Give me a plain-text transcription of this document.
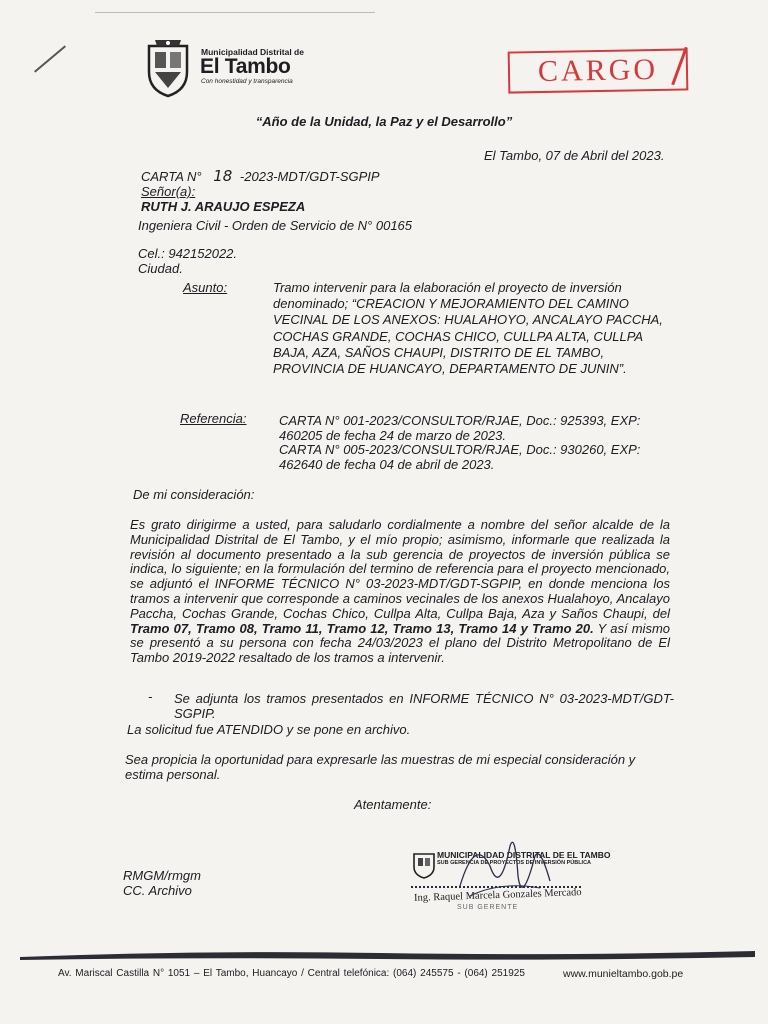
Municipalidad Distrital de
El Tambo
Con honestidad y transparencia	CARGO
“Año de la Unidad, la Paz y el Desarrollo”
El Tambo, 07 de Abril del 2023.
CARTA N° 18 -2023-MDT/GDT-SGPIP
Señor(a):
RUTH J. ARAUJO ESPEZA
Ingeniera Civil - Orden de Servicio de N° 00165
Cel.: 942152022.
Ciudad.
Asunto:	Tramo intervenir para la elaboración el proyecto de inversión denominado; “CREACION Y MEJORAMIENTO DEL CAMINO VECINAL DE LOS ANEXOS: HUALAHOYO, ANCALAYO PACCHA, COCHAS GRANDE, COCHAS CHICO, CULLPA ALTA, CULLPA BAJA, AZA, SAÑOS CHAUPI, DISTRITO DE EL TAMBO, PROVINCIA DE HUANCAYO, DEPARTAMENTO DE JUNIN”.
Referencia:	CARTA N° 001-2023/CONSULTOR/RJAE, Doc.: 925393, EXP: 460205 de fecha 24 de marzo de 2023.
CARTA N° 005-2023/CONSULTOR/RJAE, Doc.: 930260, EXP: 462640 de fecha 04 de abril de 2023.
De mi consideración:
Es grato dirigirme a usted, para saludarlo cordialmente a nombre del señor alcalde de la Municipalidad Distrital de El Tambo, y el mío propio; asimismo, informarle que realizada la revisión al documento presentado a la sub gerencia de proyectos de inversión pública se indica, lo siguiente; en la formulación del termino de referencia para el proyecto mencionado, se adjuntó el INFORME TÉCNICO N° 03-2023-MDT/GDT-SGPIP, en donde menciona los tramos a intervenir que corresponde a caminos vecinales de los anexos Hualahoyo, Ancalayo Paccha, Cochas Grande, Cochas Chico, Cullpa Alta, Cullpa Baja, Aza y Saños Chaupi, del Tramo 07, Tramo 08, Tramo 11, Tramo 12, Tramo 13, Tramo 14 y Tramo 20. Y así mismo se presentó a su persona con fecha 24/03/2023 el plano del Distrito Metropolitano de El Tambo 2019-2022 resaltado de los tramos a intervenir.
- Se adjunta los tramos presentados en INFORME TÉCNICO N° 03-2023-MDT/GDT-SGPIP.
La solicitud fue ATENDIDO y se pone en archivo.
Sea propicia la oportunidad para expresarle las muestras de mi especial consideración y estima personal.
Atentamente:
RMGM/rmgm
CC. Archivo
MUNICIPALIDAD DISTRITAL DE EL TAMBO
SUB GERENCIA DE PROYECTOS DE INVERSIÓN PÚBLICA
Ing. Raquel Marcela Gonzales Mercado
SUB GERENTE
Av. Mariscal Castilla N° 1051 – El Tambo, Huancayo / Central telefónica: (064) 245575 - (064) 251925	www.munieltambo.gob.pe
